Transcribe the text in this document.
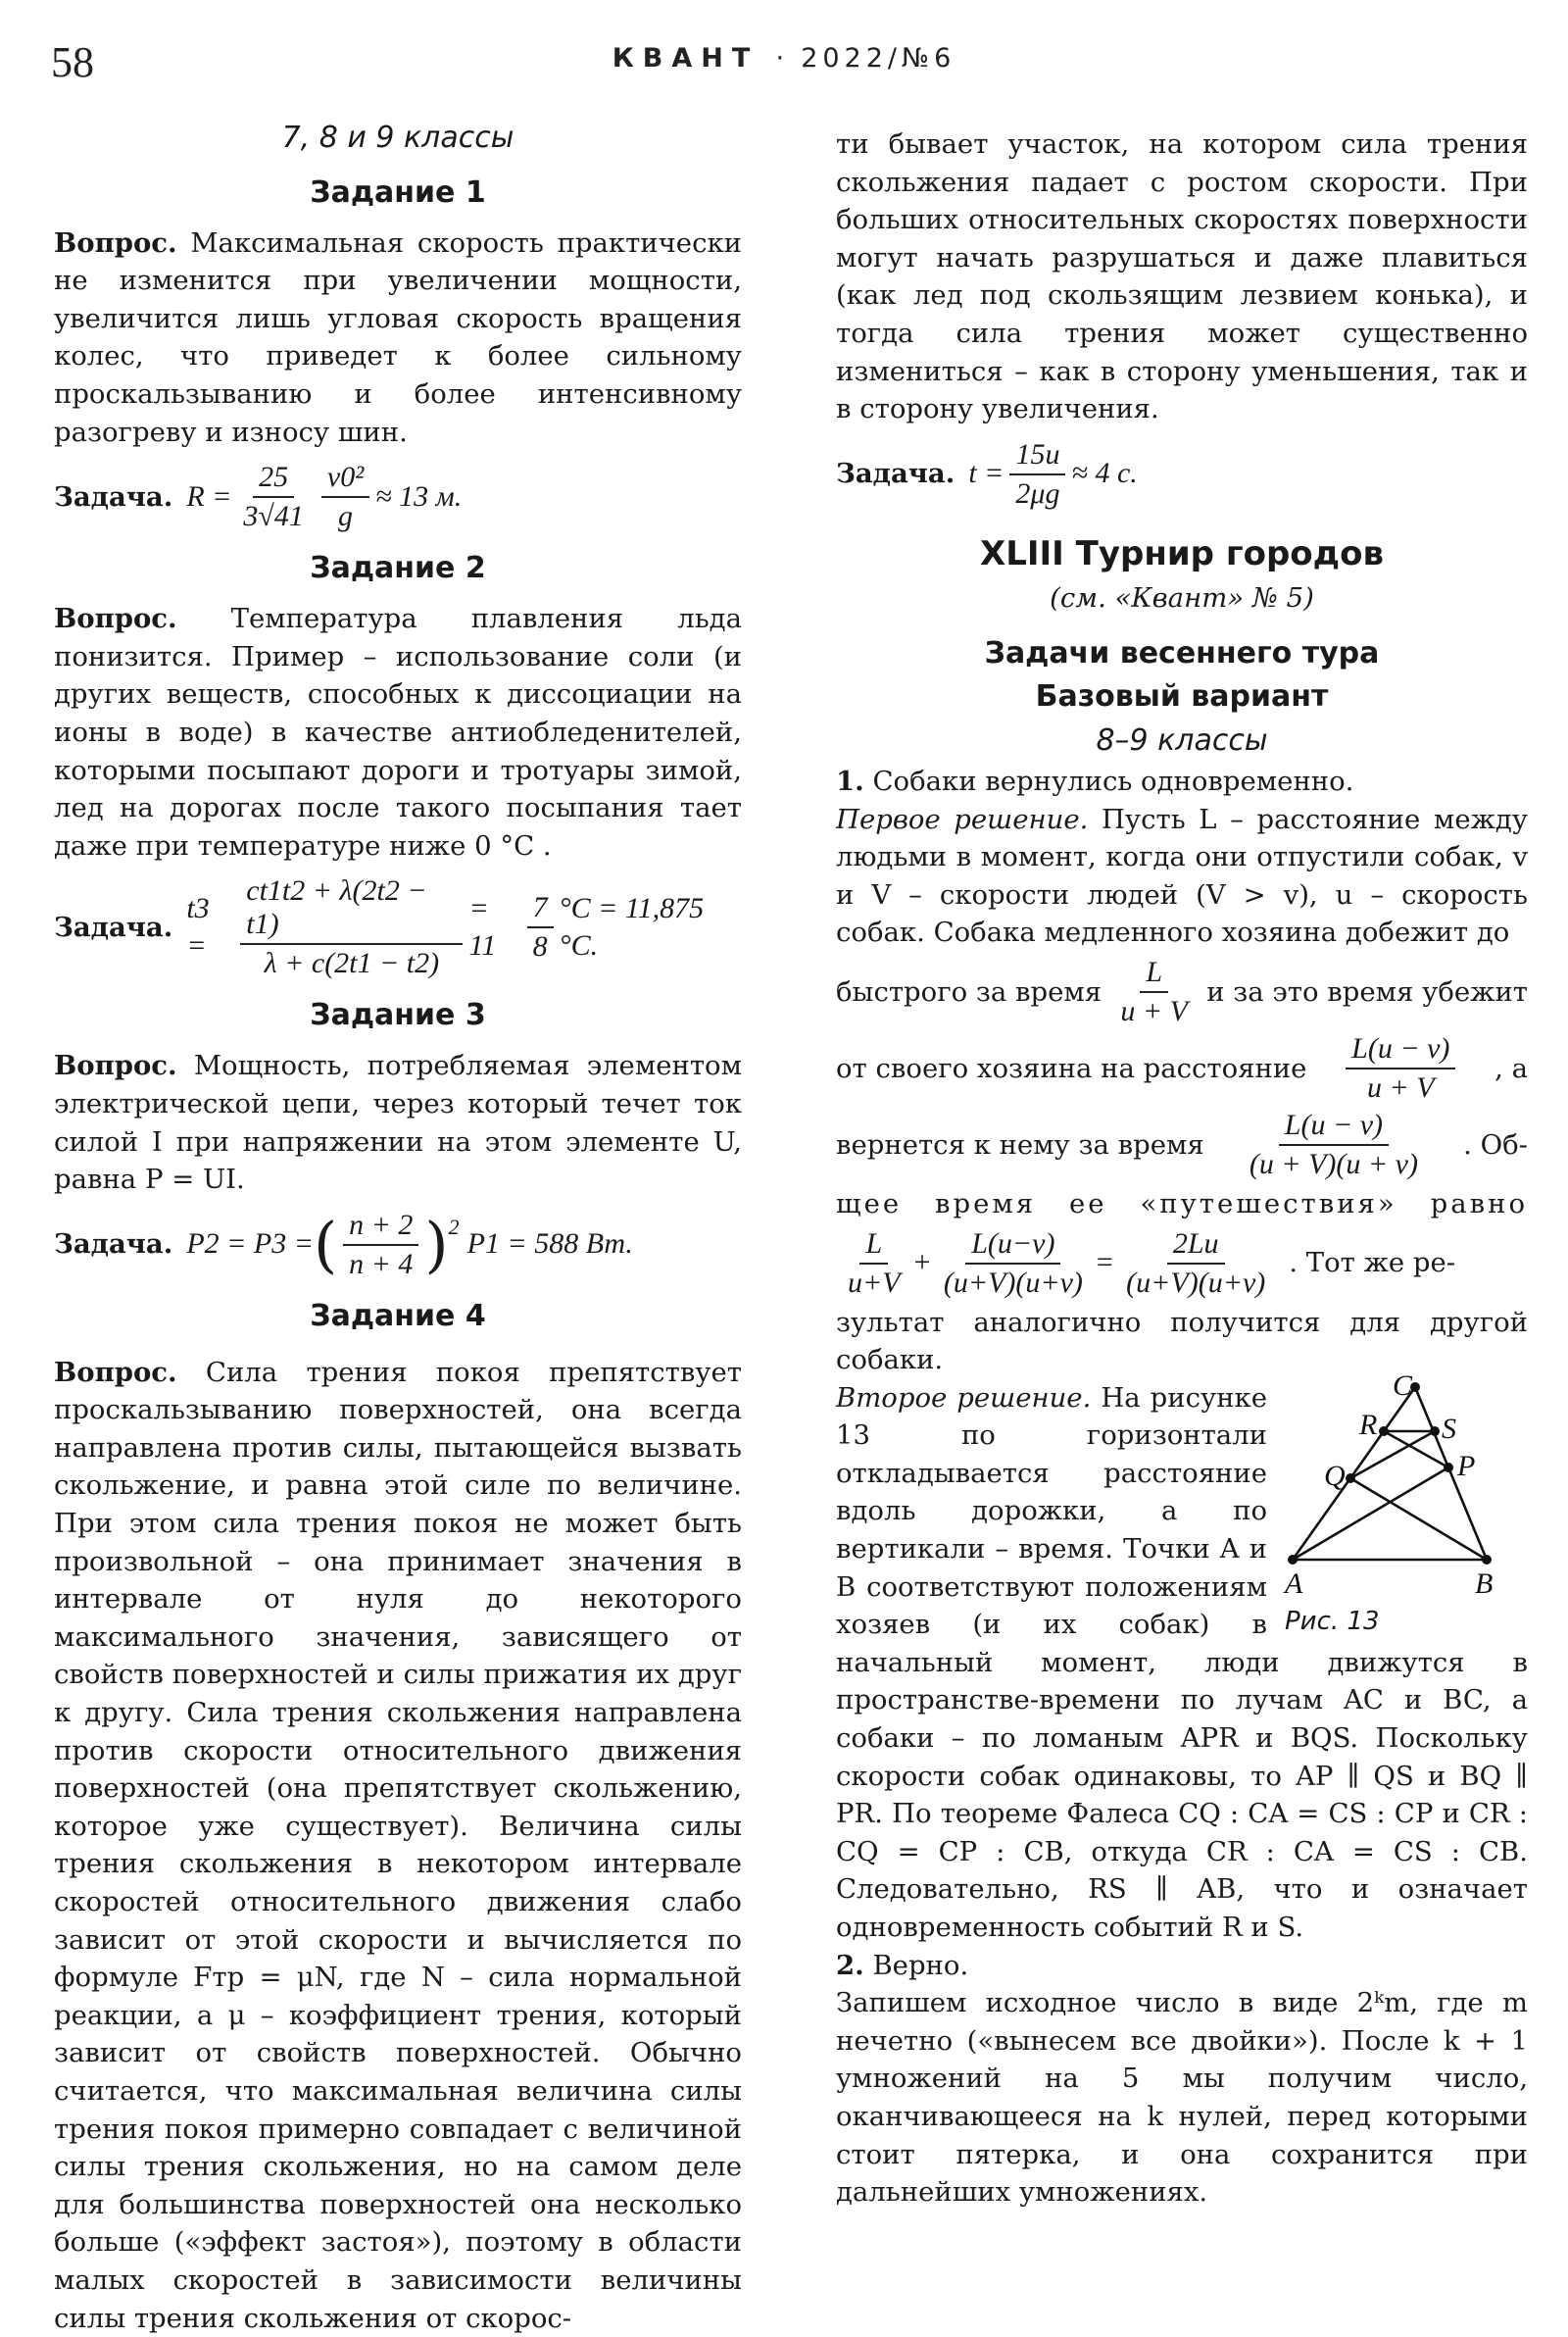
58	КВАНТ · 2022/№6
7, 8 и 9 классы
Задание 1

Вопрос. Максимальная скорость практически не изменится при увеличении мощности, увеличится лишь угловая скорость вращения колес, что приведет к более сильному проскальзыванию и более интенсивному разогреву и износу шин.

Задача. $R = \frac{25}{3√41} \frac{\text{v0²}}{g} \approx 13$ м.
Задание 2

Вопрос. Температура плавления льда понизится. Пример – использование соли (и других веществ, способных к диссоциации на ионы в воде) в качестве антиобледенителей, которыми посыпают дороги и тротуары зимой, лед на дорогах после такого посыпания тает даже при температуре ниже 0 °C .

Задача.
t3 =	$\frac{ct1t2 + \lambda(2t2 - t1)}{\lambda + c(2t1 - t2)} = 11$	$\frac{7}{8} ^\circ C = 11,875$ °C.
Задание 3

Вопрос. Мощность, потребляемая элементом электрической цепи, через который течет ток силой I при напряжении на этом элементе U, равна P = UI.

Задача. P2 = P3 = ( $\frac{n + 2}{n + 4} )^2$
P1 = 588 Вт.
Задание 4

Вопрос. Сила трения покоя препятствует проскальзыванию поверхностей, она всегда направлена против силы, пытающейся вызвать скольжение, и равна этой силе по величине. При этом сила трения покоя не может быть произвольной – она принимает значения в интервале от нуля до некоторого максимального значения, зависящего от свойств поверхностей и силы прижатия их друг к другу. Сила трения скольжения направлена против скорости относительного движения поверхностей (она препятствует скольжению, которое уже существует). Величина силы трения скольжения в некотором интервале скоростей относительного движения слабо зависит от этой скорости и вычисляется по формуле Fтр = μN, где N – сила нормальной реакции, а μ – коэффициент трения, который зависит от свойств поверхностей. Обычно считается, что максимальная величина силы трения покоя примерно совпадает с величиной силы трения скольжения, но на самом деле для большинства поверхностей она несколько больше («эффект застоя»), поэтому в области малых скоростей в зависимости величины силы трения скольжения от скорос-

ти бывает участок, на котором сила трения скольжения падает с ростом скорости. При больших относительных скоростях поверхности могут начать разрушаться и даже плавиться (как лед под скользящим лезвием конька), и тогда сила трения может существенно измениться – как в сторону уменьшения, так и в сторону увеличения.

Задача. $t = \frac{15u}{2\mu g} \approx 4$ с.
XLIII Турнир городов
(см. «Квант» № 5)
Задачи весеннего тура
Базовый вариант
8–9 классы

1. Собаки вернулись одновременно.

Первое решение. Пусть L – расстояние между людьми в момент, когда они отпустили собак, v и V – скорости людей (V > v), u – скорость собак. Собака медленного хозяина добежит до

быстрого за время $\frac{L}{u + V}$ и за это время убежит
от своего хозяина на расстояние $\frac{L(u - v)}{u + V}$ , а
вернется к нему за время $\frac{L(u - v)}{(u + V)(u + v)}$ . Об-

щее время ее «путешествия» равно

$\frac{L}{u+V} + \frac{L(u-v)}{(u+V)(u+v)} = \frac{2Lu}{(u+V)(u+v)}$ . Тот же ре-

зультат аналогично получится для другой собаки.

C
R S
Q	P
A	B
Рис. 13

Второе решение. На рисунке 13 по горизонтали откладывается расстояние вдоль дорожки, а по вертикали – время. Точки A и B соответствуют положениям хозяев (и их собак) в начальный момент, люди движутся в пространстве-времени по лучам AC и BC, а собаки – по ломаным APR и BQS. Поскольку скорости собак одинаковы, то AP ∥ QS и BQ ∥ PR. По теореме Фалеса CQ : CA = CS : CP и CR : CQ = CP : CB, откуда CR : CA = CS : CB. Следовательно, RS ∥ AB, что и означает одновременность событий R и S.

2. Верно.

Запишем исходное число в виде 2ᵏm, где m нечетно («вынесем все двойки»). После k + 1 умножений на 5 мы получим число, оканчивающееся на k нулей, перед которыми стоит пятерка, и она сохранится при дальнейших умножениях.
